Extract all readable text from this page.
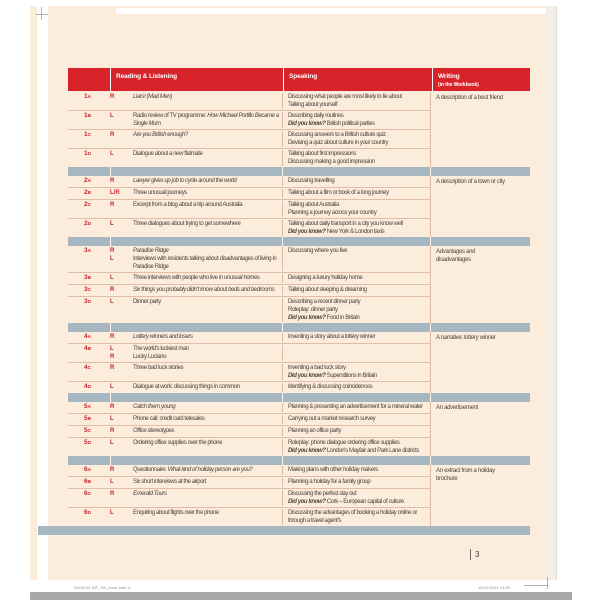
Reading & Listening	Speaking	Writing
(in the Workbook)
1A	R	Liars! (Mad Men)	Discussing what people are most likely to lie about
Talking about yourself
1B	L	Radio review of TV programme: How Michael Portillo Became a Single Mum
Describing daily routines
Did you know? British political parties
1C	R	Are you British enough?	Discussing answers to a British culture quiz
Devising a quiz about culture in your country
1D	L	Dialogue about a new flatmate	Talking about first impressions
Discussing making a good impression
A description of a best friend
2A	R	Lawyer gives up job to cycle around the world	Discussing travelling
2B	L/R	Three unusual journeys	Talking about a film or book of a long journey
2C	R	Excerpt from a blog about a trip around Australia	Talking about Australia
Planning a journey across your country
2D	L	Three dialogues about trying to get somewhere	Talking about daily transport in a city you know well
Did you know? New York & London taxis
A description of a town or city
3A	R	Paradise Ridge
L	Interviews with residents talking about disadvantages of living in Paradise Ridge
Discussing where you live
3B	L	Three interviews with people who live in unusual homes	Designing a luxury holiday home
3C	R	Six things you probably didn't know about beds and bedrooms	Talking about sleeping & dreaming
3D	L	Dinner party	Describing a recent dinner party
Roleplay: dinner party
Did you know? Food in Britain
Advantages and disadvantages
4A	R	Lottery winners and losers	Inventing a story about a lottery winner
4B	L	The world's luckiest man
R	Lucky Luciano
4C	R	Three bad luck stories	Inventing a bad luck story
Did you know? Superstitions in Britain
4D	L	Dialogue at work: discussing things in common	Identifying & discussing coincidences
A narrative: lottery winner
5A	R	Catch them young	Planning & presenting an advertisement for a mineral water
5B	L	Phone call: credit card telesales	Carrying out a market research survey
5C	R	Office stereotypes	Planning an office party
5D	L	Ordering office supplies over the phone	Roleplay: phone dialogue ordering office supplies
Did you know? London's Mayfair and Park Lane districts
An advertisement
6A	R	Questionnaire: What kind of holiday person are you?	Making plans with other holiday makers
6B	L	Six short interviews at the airport	Planning a holiday for a family group
6C	R	Emerald Tours	Discussing the perfect day out
Did you know? Cork – European capital of culture
6D	L	Enquiring about flights over the phone	Discussing the advantages of booking a holiday online or through a travel agent's
An extract from a holiday brochure
3
0409244 INT_SB_book.indb 3	15/10/2011 15:25
